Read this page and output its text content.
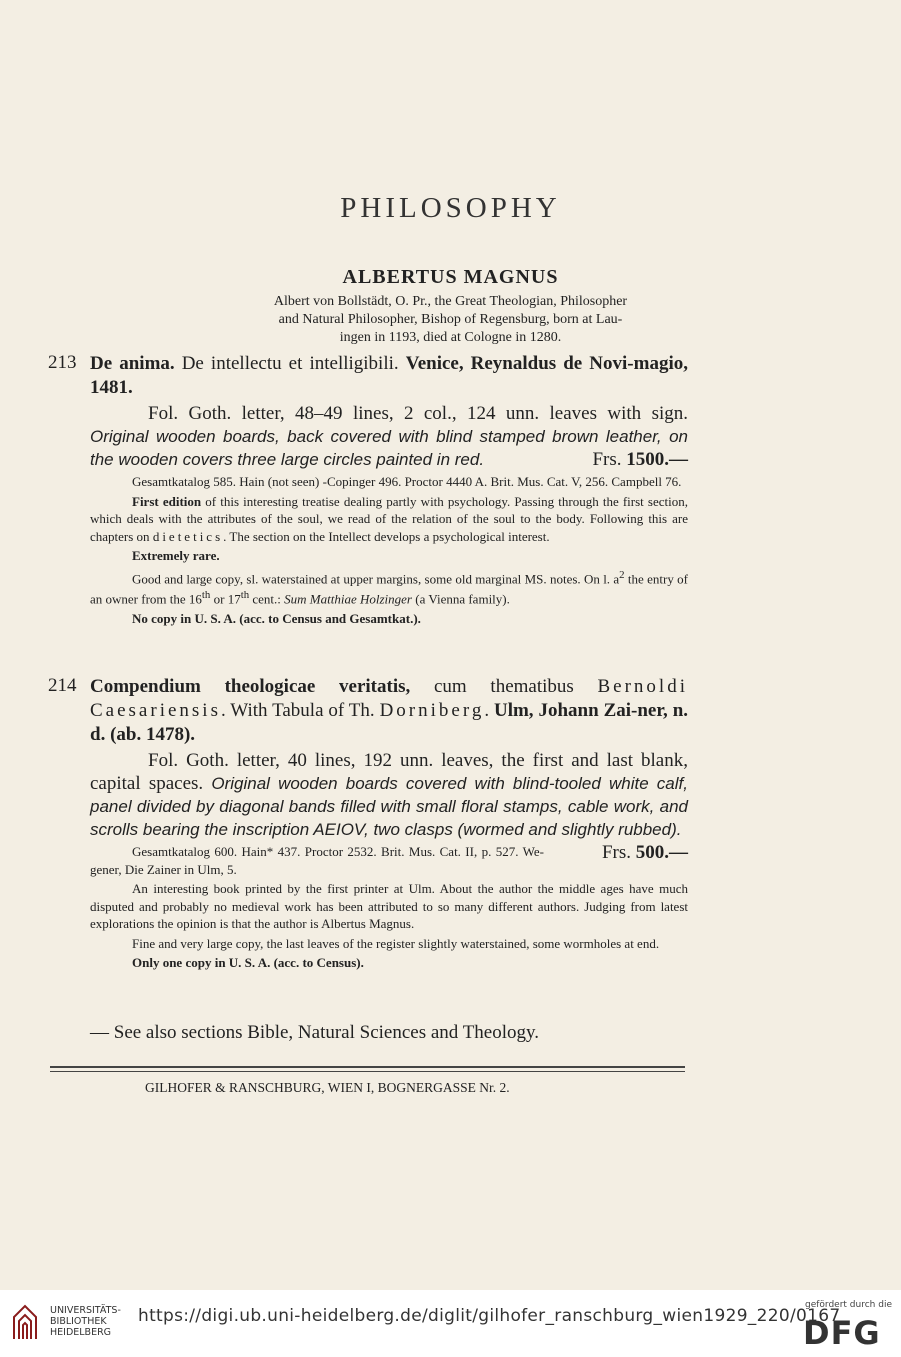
PHILOSOPHY
ALBERTUS MAGNUS
Albert von Bollstädt, O. Pr., the Great Theologian, Philosopher
and Natural Philosopher, Bishop of Regensburg, born at Lau-
ingen in 1193, died at Cologne in 1280.
213 De anima. De intellectu et intelligibili. Venice, Reynaldus de Novi-magio, 1481.
Fol. Goth. letter, 48–49 lines, 2 col., 124 unn. leaves with sign. Original wooden boards, back covered with blind stamped brown leather, on the wooden covers three large circles painted in red.	Frs. 1500.—
Gesamtkatalog 585. Hain (not seen) -Copinger 496. Proctor 4440 A. Brit. Mus. Cat. V, 256. Campbell 76.
First edition of this interesting treatise dealing partly with psychology. Passing through the first section, which deals with the attributes of the soul, we read of the relation of the soul to the body. Following this are chapters on dietetics. The section on the Intellect develops a psychological interest.
Extremely rare.
Good and large copy, sl. waterstained at upper margins, some old marginal MS. notes. On l. $a^2$ the entry of an owner from the 16th or 17th cent.: Sum Matthiae Holzinger (a Vienna family).
No copy in U. S. A. (acc. to Census and Gesamtkat.).
214 Compendium theologicae veritatis, cum thematibus Bernoldi Caesariensis. With Tabula of Th. Dorniberg. Ulm, Johann Zai-ner, n. d. (ab. 1478).
Fol. Goth. letter, 40 lines, 192 unn. leaves, the first and last blank, capital spaces. Original wooden boards covered with blind-tooled white calf, panel divided by diagonal bands filled with small floral stamps, cable work, and scrolls bearing the inscription AEIOV, two clasps (wormed and slightly rubbed).
Frs. 500.—
Gesamtkatalog 600. Hain* 437. Proctor 2532. Brit. Mus. Cat. II, p. 527. We-gener, Die Zainer in Ulm, 5.
An interesting book printed by the first printer at Ulm. About the author the middle ages have much disputed and probably no medieval work has been attributed to so many different authors. Judging from latest explorations the opinion is that the author is Albertus Magnus.
Fine and very large copy, the last leaves of the register slightly waterstained, some wormholes at end.
Only one copy in U. S. A. (acc. to Census).
— See also sections Bible, Natural Sciences and Theology.
GILHOFER & RANSCHBURG, WIEN I, BOGNERGASSE Nr. 2.
UNIVERSITÄTS-
BIBLIOTHEK
HEIDELBERG
https://digi.ub.uni-heidelberg.de/diglit/gilhofer_ranschburg_wien1929_220/0167
gefördert durch die
DFG
